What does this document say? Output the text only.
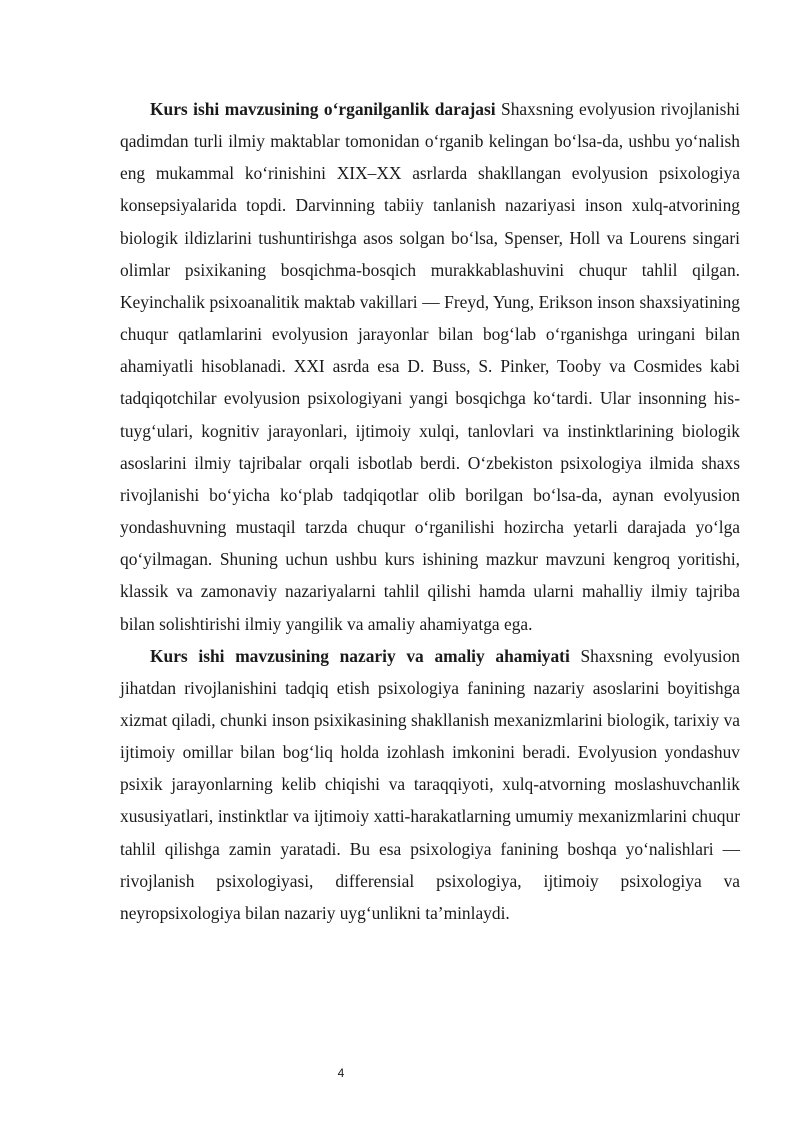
Kurs ishi mavzusining o‘rganilganlik darajasi Shaxsning evolyusion rivojlanishi qadimdan turli ilmiy maktablar tomonidan o‘rganib kelingan bo‘lsa-da, ushbu yo‘nalish eng mukammal ko‘rinishini XIX–XX asrlarda shakllangan evolyusion psixologiya konsepsiyalarida topdi. Darvinning tabiiy tanlanish nazariyasi inson xulq-atvorining biologik ildizlarini tushuntirishga asos solgan bo‘lsa, Spenser, Holl va Lourens singari olimlar psixikaning bosqichma-bosqich murakkablashuvini chuqur tahlil qilgan. Keyinchalik psixoanalitik maktab vakillari — Freyd, Yung, Erikson inson shaxsiyatining chuqur qatlamlarini evolyusion jarayonlar bilan bog‘lab o‘rganishga uringani bilan ahamiyatli hisoblanadi. XXI asrda esa D. Buss, S. Pinker, Tooby va Cosmides kabi tadqiqotchilar evolyusion psixologiyani yangi bosqichga ko‘tardi. Ular insonning his-tuyg‘ulari, kognitiv jarayonlari, ijtimoiy xulqi, tanlovlari va instinktlarining biologik asoslarini ilmiy tajribalar orqali isbotlab berdi. O‘zbekiston psixologiya ilmida shaxs rivojlanishi bo‘yicha ko‘plab tadqiqotlar olib borilgan bo‘lsa-da, aynan evolyusion yondashuvning mustaqil tarzda chuqur o‘rganilishi hozircha yetarli darajada yo‘lga qo‘yilmagan. Shuning uchun ushbu kurs ishining mazkur mavzuni kengroq yoritishi, klassik va zamonaviy nazariyalarni tahlil qilishi hamda ularni mahalliy ilmiy tajriba bilan solishtirishi ilmiy yangilik va amaliy ahamiyatga ega.

Kurs ishi mavzusining nazariy va amaliy ahamiyati Shaxsning evolyusion jihatdan rivojlanishini tadqiq etish psixologiya fanining nazariy asoslarini boyitishga xizmat qiladi, chunki inson psixikasining shakllanish mexanizmlarini biologik, tarixiy va ijtimoiy omillar bilan bog‘liq holda izohlash imkonini beradi. Evolyusion yondashuv psixik jarayonlarning kelib chiqishi va taraqqiyoti, xulq-atvorning moslashuvchanlik xususiyatlari, instinktlar va ijtimoiy xatti-harakatlarning umumiy mexanizmlarini chuqur tahlil qilishga zamin yaratadi. Bu esa psixologiya fanining boshqa yo‘nalishlari — rivojlanish psixologiyasi, differensial psixologiya, ijtimoiy psixologiya va neyropsixologiya bilan nazariy uyg‘unlikni ta’minlaydi.

4
